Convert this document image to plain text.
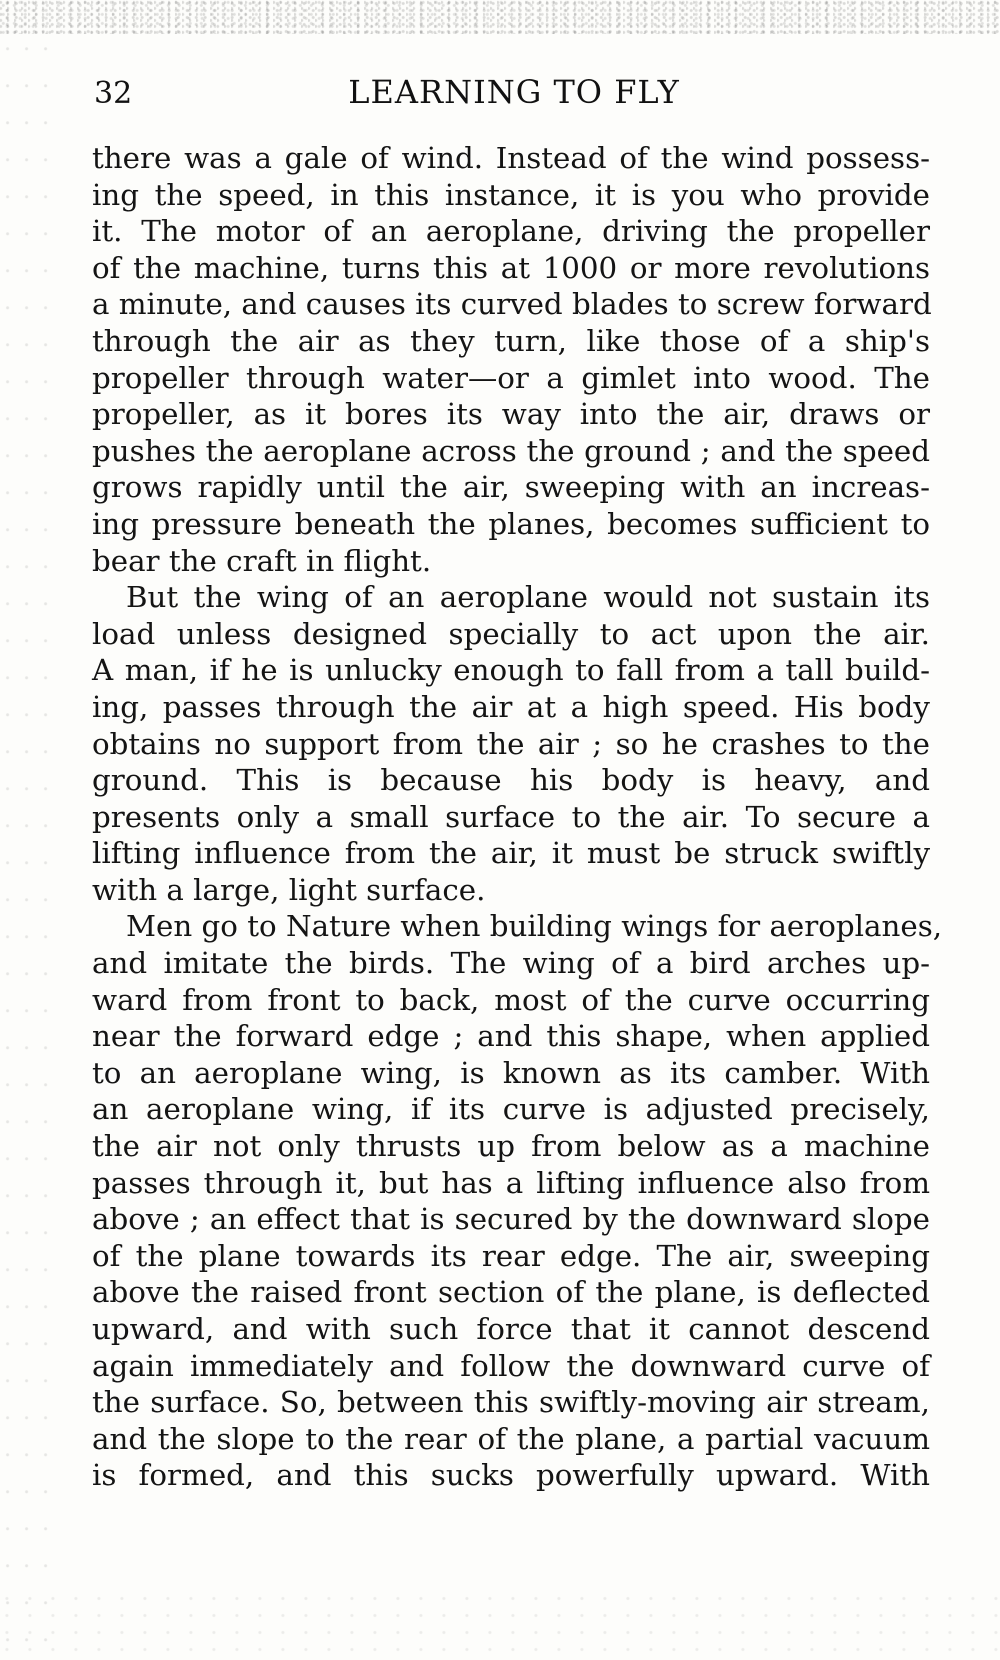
32	LEARNING TO FLY
there was a gale of wind. Instead of the wind possess-
ing the speed, in this instance, it is you who provide
it. The motor of an aeroplane, driving the propeller
of the machine, turns this at 1000 or more revolutions
a minute, and causes its curved blades to screw forward
through the air as they turn, like those of a ship's
propeller through water—or a gimlet into wood. The
propeller, as it bores its way into the air, draws or
pushes the aeroplane across the ground ; and the speed
grows rapidly until the air, sweeping with an increas-
ing pressure beneath the planes, becomes sufficient to
bear the craft in flight.
But the wing of an aeroplane would not sustain its
load unless designed specially to act upon the air.
A man, if he is unlucky enough to fall from a tall build-
ing, passes through the air at a high speed. His body
obtains no support from the air ; so he crashes to the
ground. This is because his body is heavy, and
presents only a small surface to the air. To secure a
lifting influence from the air, it must be struck swiftly
with a large, light surface.
Men go to Nature when building wings for aeroplanes,
and imitate the birds. The wing of a bird arches up-
ward from front to back, most of the curve occurring
near the forward edge ; and this shape, when applied
to an aeroplane wing, is known as its camber. With
an aeroplane wing, if its curve is adjusted precisely,
the air not only thrusts up from below as a machine
passes through it, but has a lifting influence also from
above ; an effect that is secured by the downward slope
of the plane towards its rear edge. The air, sweeping
above the raised front section of the plane, is deflected
upward, and with such force that it cannot descend
again immediately and follow the downward curve of
the surface. So, between this swiftly-moving air stream,
and the slope to the rear of the plane, a partial vacuum
is formed, and this sucks powerfully upward. With
